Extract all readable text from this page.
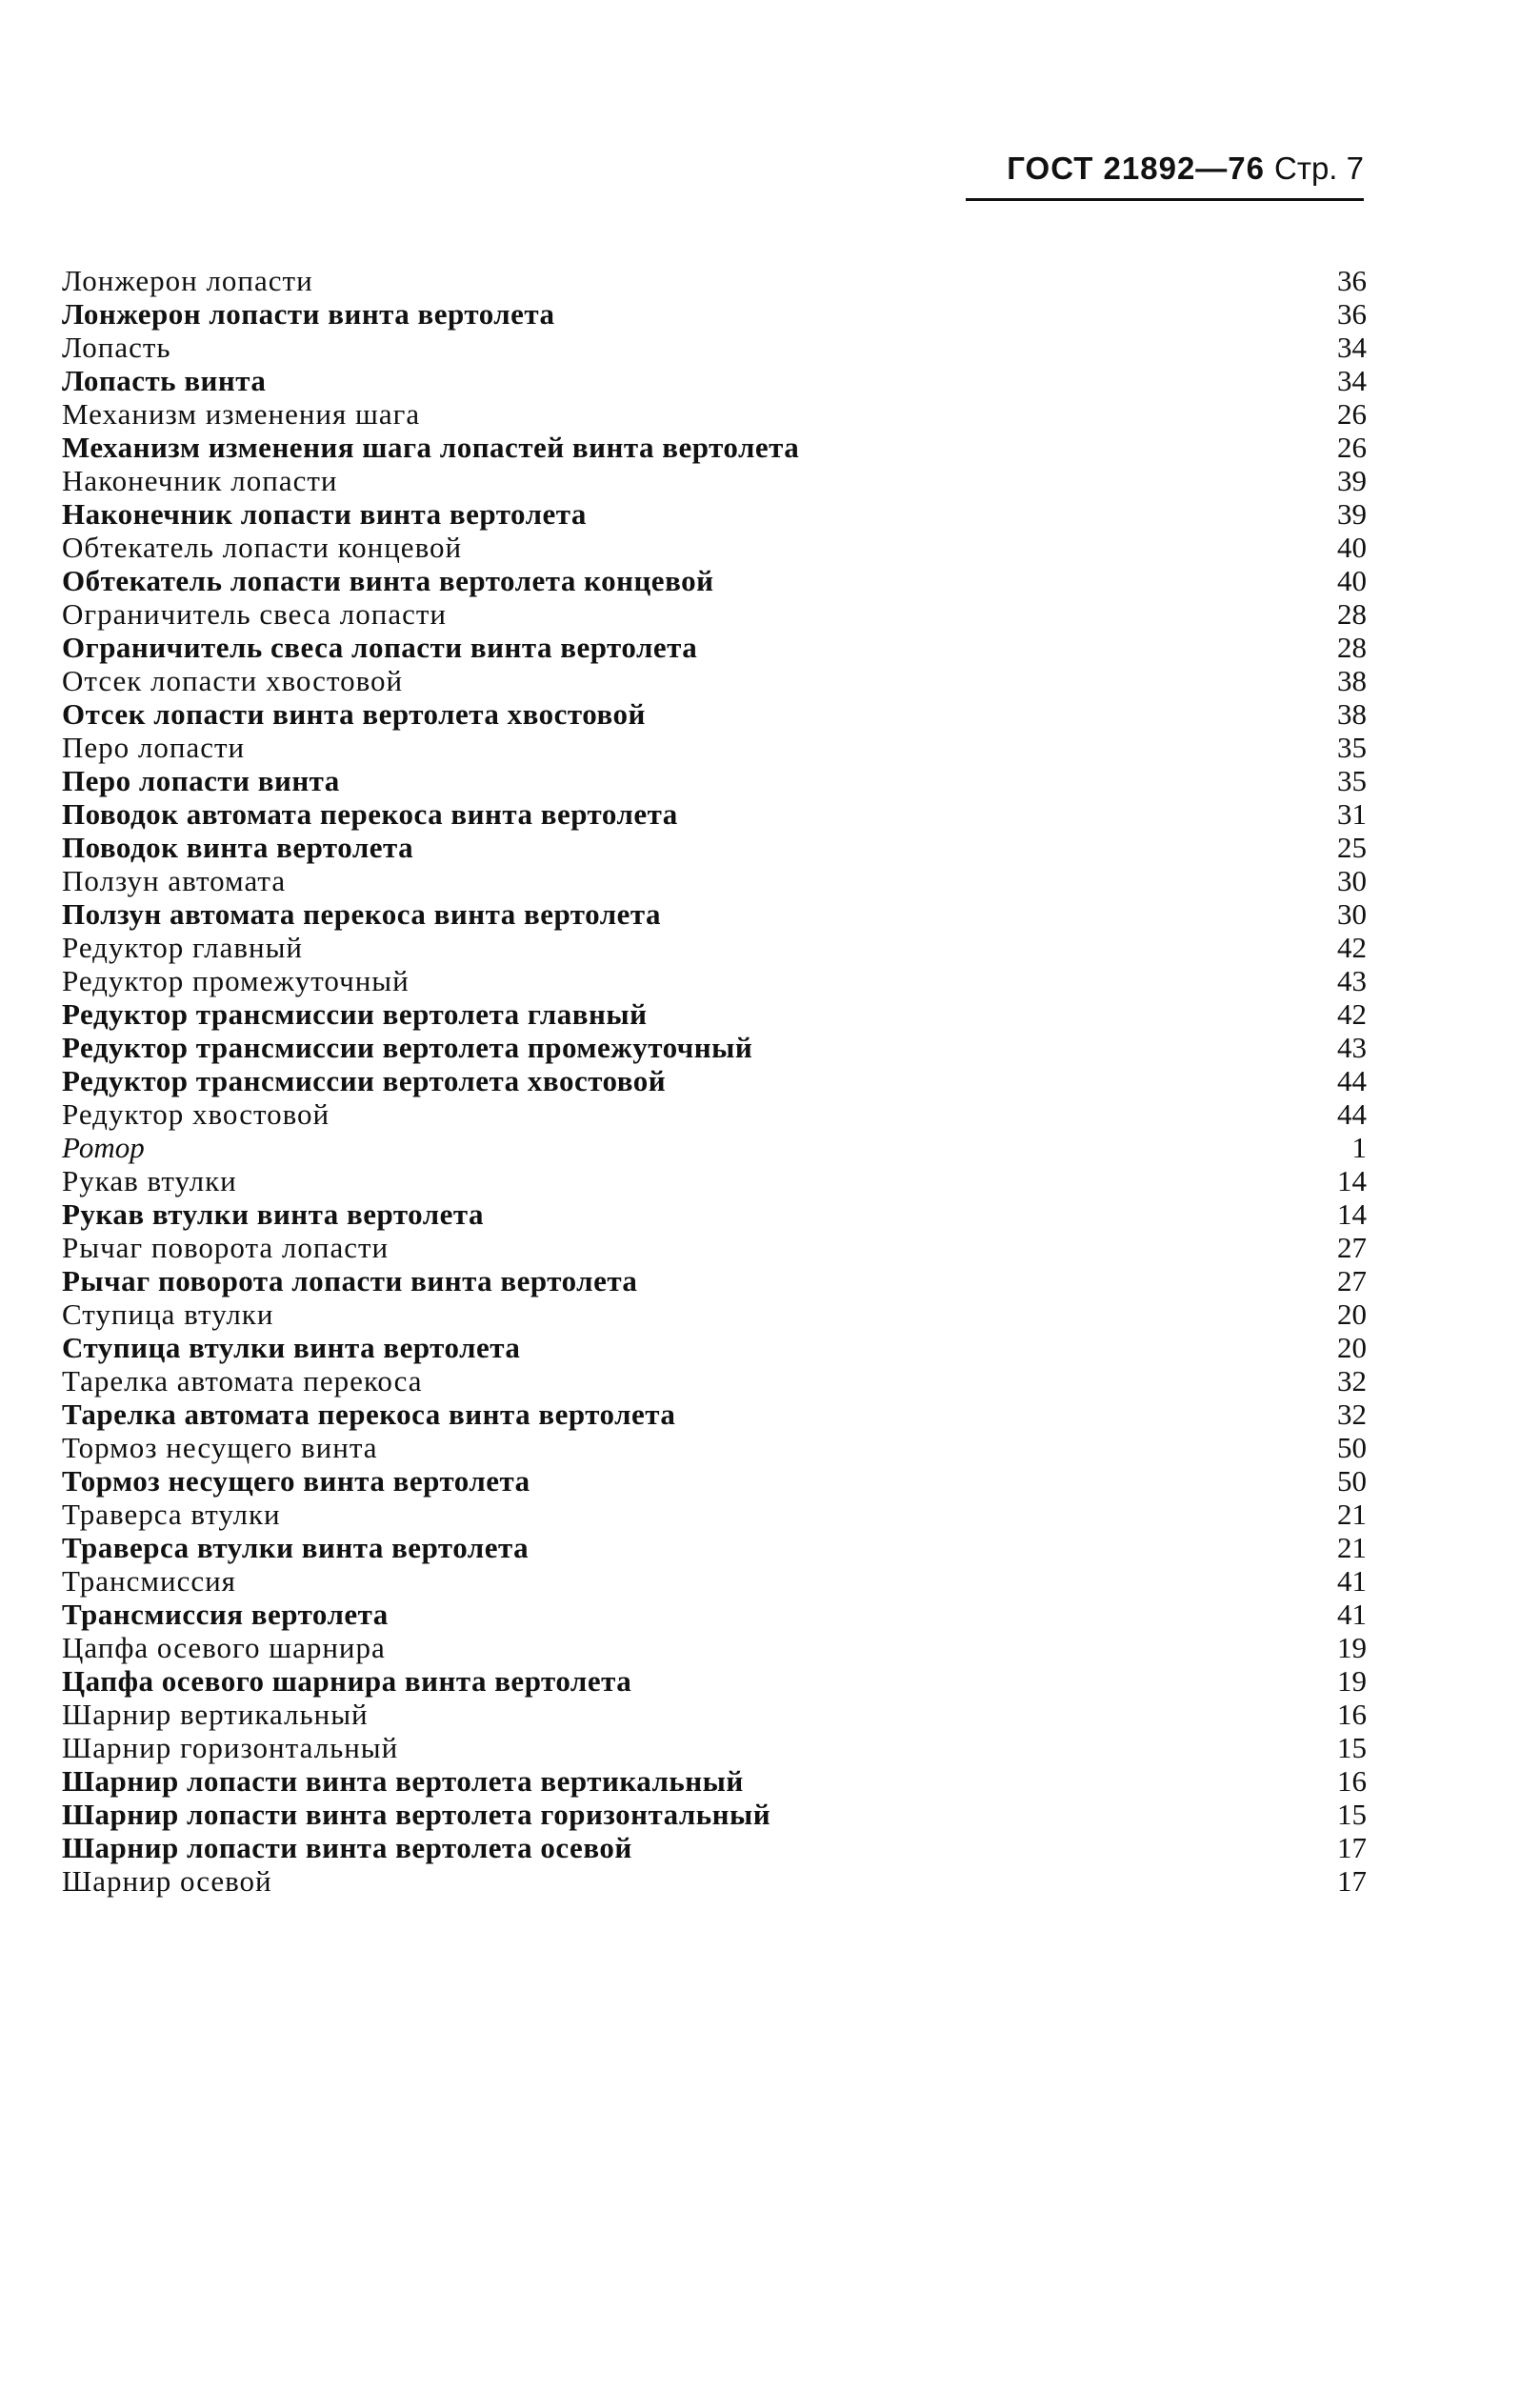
ГОСТ 21892—76 Стр. 7
Лонжерон лопасти	36
Лонжерон лопасти винта вертолета	36
Лопасть	34
Лопасть винта	34
Механизм изменения шага	26
Механизм изменения шага лопастей винта вертолета	26
Наконечник лопасти	39
Наконечник лопасти винта вертолета	39
Обтекатель лопасти концевой	40
Обтекатель лопасти винта вертолета концевой	40
Ограничитель свеса лопасти	28
Ограничитель свеса лопасти винта вертолета	28
Отсек лопасти хвостовой	38
Отсек лопасти винта вертолета хвостовой	38
Перо лопасти	35
Перо лопасти винта	35
Поводок автомата перекоса винта вертолета	31
Поводок винта вертолета	25
Ползун автомата	30
Ползун автомата перекоса винта вертолета	30
Редуктор главный	42
Редуктор промежуточный	43
Редуктор трансмиссии вертолета главный	42
Редуктор трансмиссии вертолета промежуточный	43
Редуктор трансмиссии вертолета хвостовой	44
Редуктор хвостовой	44
Ротор	1
Рукав втулки	14
Рукав втулки винта вертолета	14
Рычаг поворота лопасти	27
Рычаг поворота лопасти винта вертолета	27
Ступица втулки	20
Ступица втулки винта вертолета	20
Тарелка автомата перекоса	32
Тарелка автомата перекоса винта вертолета	32
Тормоз несущего винта	50
Тормоз несущего винта вертолета	50
Траверса втулки	21
Траверса втулки винта вертолета	21
Трансмиссия	41
Трансмиссия вертолета	41
Цапфа осевого шарнира	19
Цапфа осевого шарнира винта вертолета	19
Шарнир вертикальный	16
Шарнир горизонтальный	15
Шарнир лопасти винта вертолета вертикальный	16
Шарнир лопасти винта вертолета горизонтальный	15
Шарнир лопасти винта вертолета осевой	17
Шарнир осевой	17
